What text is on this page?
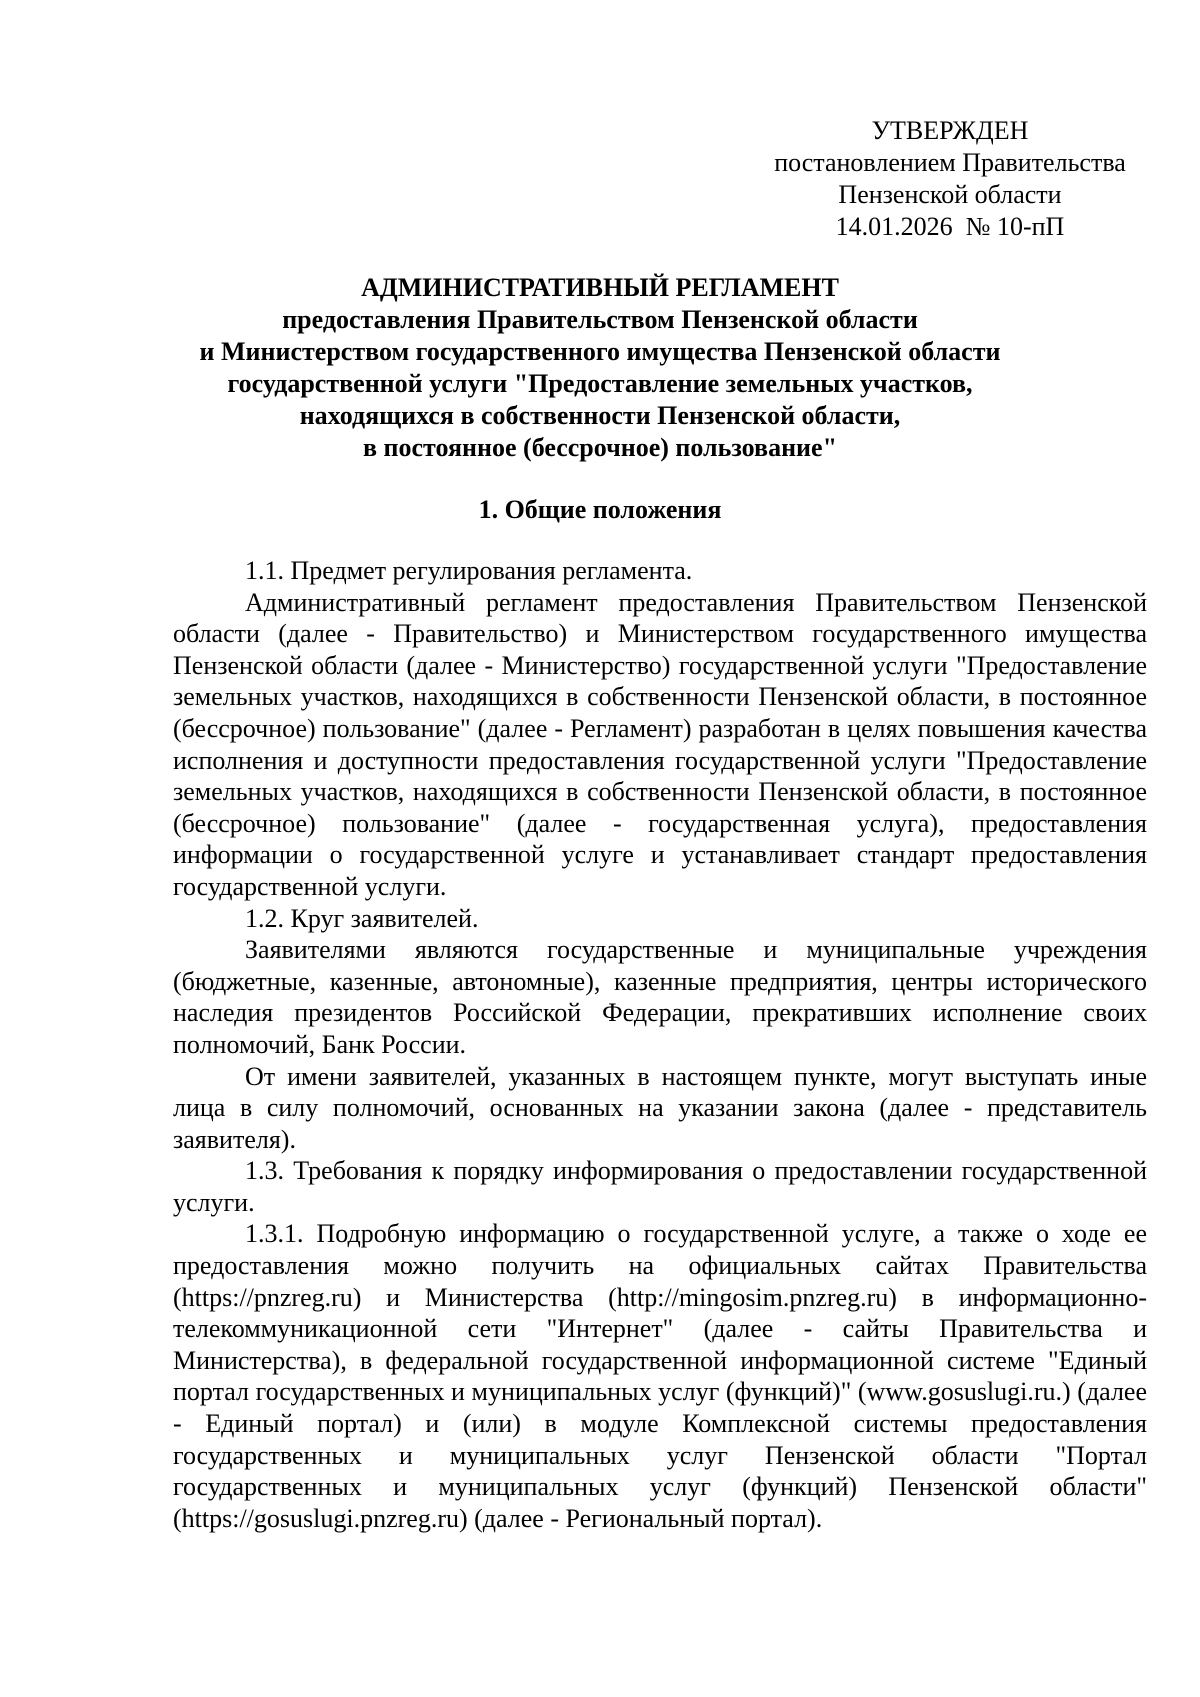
УТВЕРЖДЕН
постановлением Правительства
Пензенской области
14.01.2026  № 10-пП
АДМИНИСТРАТИВНЫЙ РЕГЛАМЕНТ
предоставления Правительством Пензенской области
и Министерством государственного имущества Пензенской области
государственной услуги "Предоставление земельных участков,
находящихся в собственности Пензенской области,
в постоянное (бессрочное) пользование"
1. Общие положения

1.1. Предмет регулирования регламента.

Административный регламент предоставления Правительством Пензенской области (далее - Правительство) и Министерством государственного имущества Пензенской области (далее - Министерство) государственной услуги "Предоставление земельных участков, находящихся в собственности Пензенской области, в постоянное (бессрочное) пользование" (далее - Регламент) разработан в целях повышения качества исполнения и доступности предоставления государственной услуги "Предоставление земельных участков, находящихся в собственности Пензенской области, в постоянное (бессрочное) пользование" (далее - государственная услуга), предоставления информации о государственной услуге и устанавливает стандарт предоставления государственной услуги.

1.2. Круг заявителей.

Заявителями являются государственные и муниципальные учреждения (бюджетные, казенные, автономные), казенные предприятия, центры исторического наследия президентов Российской Федерации, прекративших исполнение своих полномочий, Банк России.

От имени заявителей, указанных в настоящем пункте, могут выступать иные лица в силу полномочий, основанных на указании закона (далее - представитель заявителя).

1.3. Требования к порядку информирования о предоставлении государственной услуги.

1.3.1. Подробную информацию о государственной услуге, а также о ходе ее предоставления можно получить на официальных сайтах Правительства (https://pnzreg.ru) и Министерства (http://mingosim.pnzreg.ru) в информационно-телекоммуникационной сети "Интернет" (далее - сайты Правительства и Министерства), в федеральной государственной информационной системе "Единый портал государственных и муниципальных услуг (функций)" (www.gosuslugi.ru.) (далее - Единый портал) и (или) в модуле Комплексной системы предоставления государственных и муниципальных услуг Пензенской области "Портал государственных и муниципальных услуг (функций) Пензенской области" (https://gosuslugi.pnzreg.ru) (далее - Региональный портал).
